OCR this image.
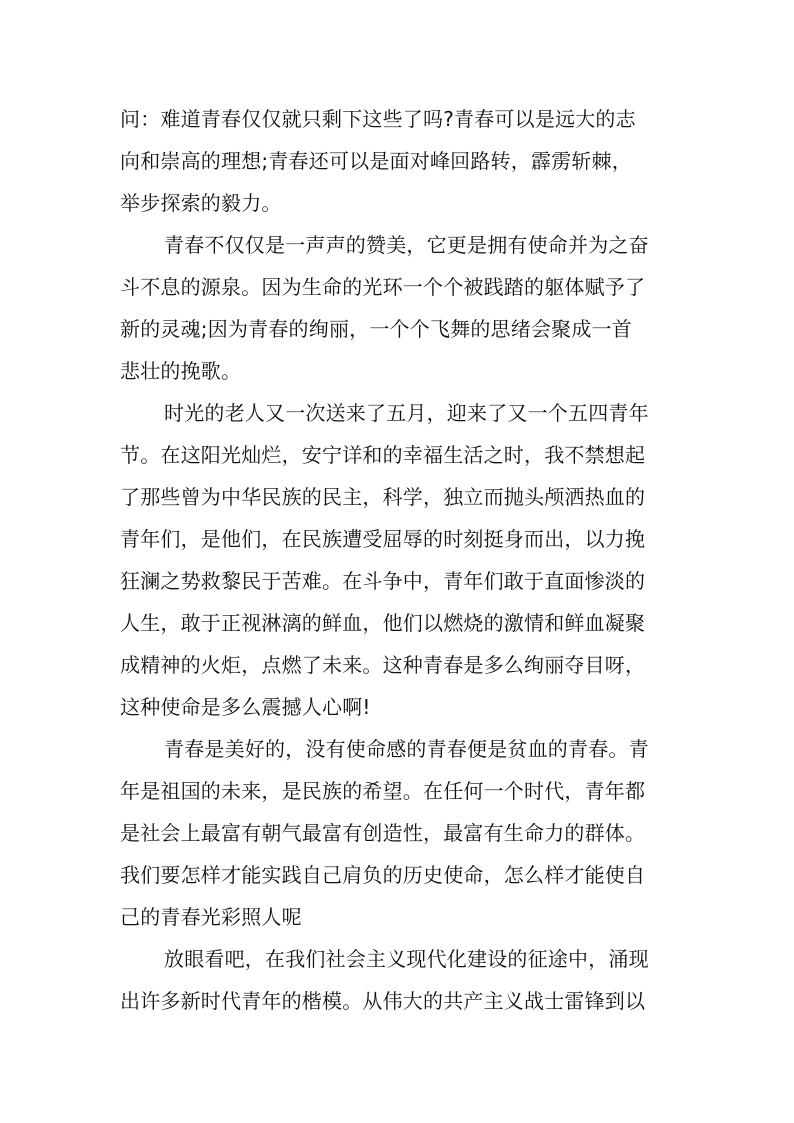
问：难道青春仅仅就只剩下这些了吗?青春可以是远大的志
向和崇高的理想;青春还可以是面对峰回路转，霹雳斩棘，
举步探索的毅力。
青春不仅仅是一声声的赞美，它更是拥有使命并为之奋
斗不息的源泉。因为生命的光环一个个被践踏的躯体赋予了
新的灵魂;因为青春的绚丽，一个个飞舞的思绪会聚成一首
悲壮的挽歌。
时光的老人又一次送来了五月，迎来了又一个五四青年
节。在这阳光灿烂，安宁详和的幸福生活之时，我不禁想起
了那些曾为中华民族的民主，科学，独立而抛头颅洒热血的
青年们，是他们，在民族遭受屈辱的时刻挺身而出，以力挽
狂澜之势救黎民于苦难。在斗争中，青年们敢于直面惨淡的
人生，敢于正视淋漓的鲜血，他们以燃烧的激情和鲜血凝聚
成精神的火炬，点燃了未来。这种青春是多么绚丽夺目呀，
这种使命是多么震撼人心啊!
青春是美好的，没有使命感的青春便是贫血的青春。青
年是祖国的未来，是民族的希望。在任何一个时代，青年都
是社会上最富有朝气最富有创造性，最富有生命力的群体。
我们要怎样才能实践自己肩负的历史使命，怎么样才能使自
己的青春光彩照人呢
放眼看吧，在我们社会主义现代化建设的征途中，涌现
出许多新时代青年的楷模。从伟大的共产主义战士雷锋到以
